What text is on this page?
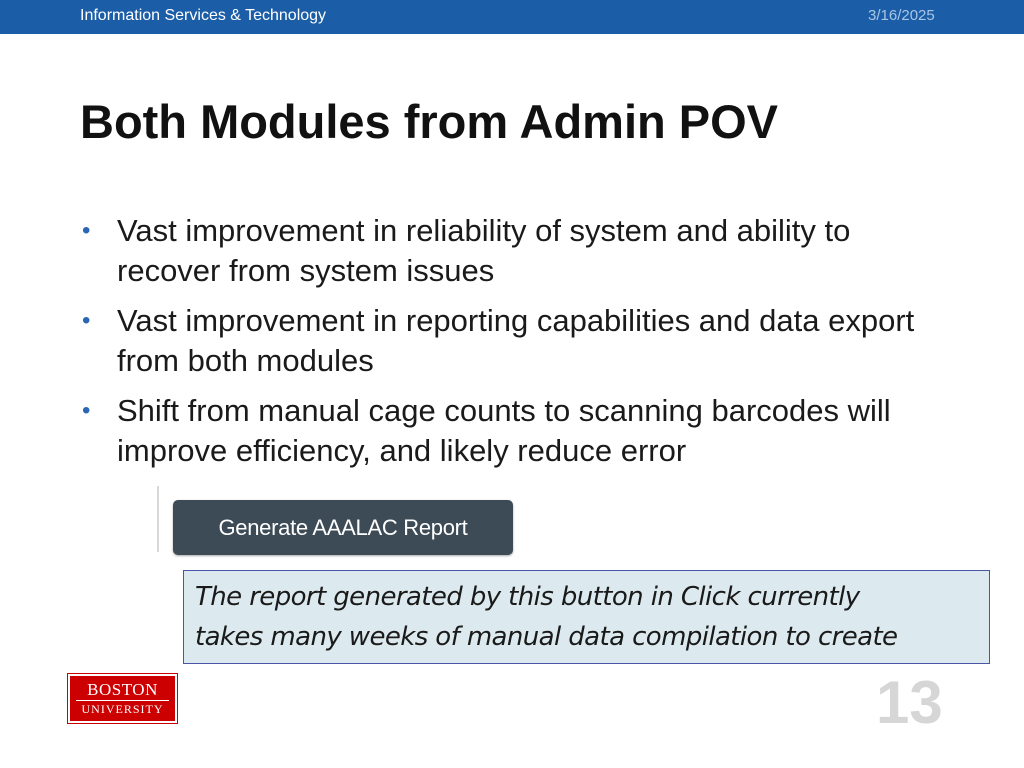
Information Services & Technology	3/16/2025
Both Modules from Admin POV
• Vast improvement in reliability of system and ability to recover from system issues
• Vast improvement in reporting capabilities and data export from both modules
• Shift from manual cage counts to scanning barcodes will improve efficiency, and likely reduce error
Generate AAALAC Report
The report generated by this button in Click currently
takes many weeks of manual data compilation to create
BOSTON
UNIVERSITY	13
